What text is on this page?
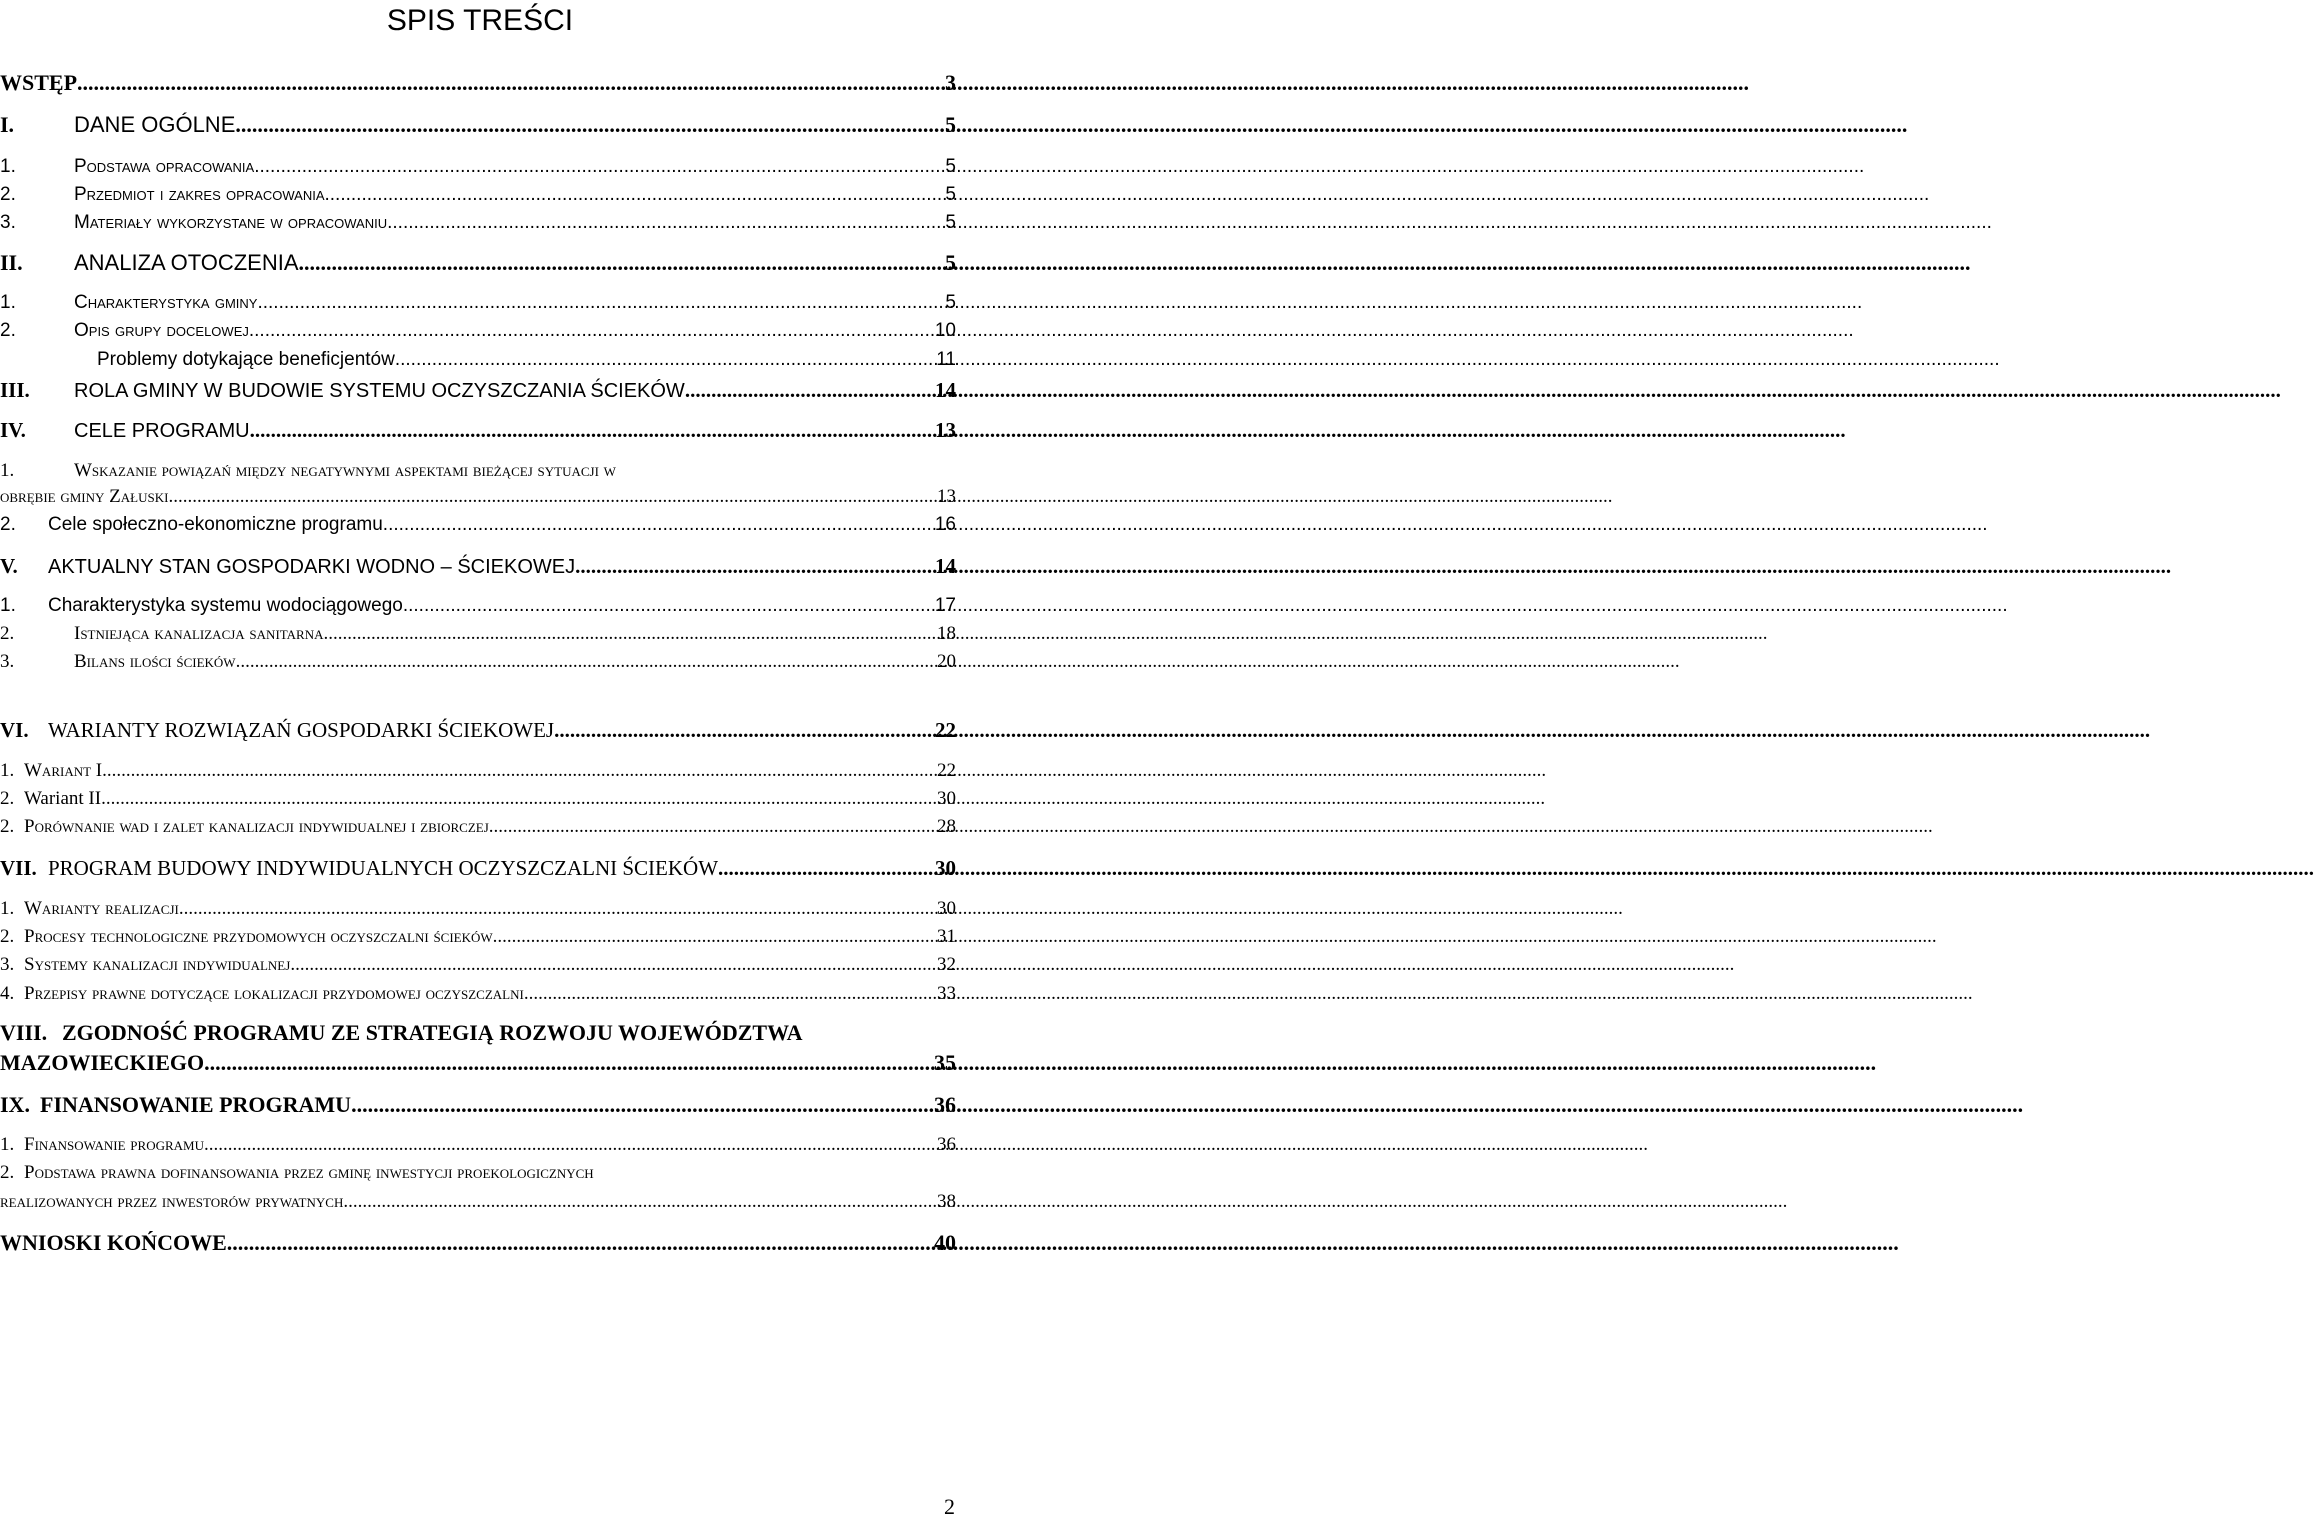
SPIS TREŚCI
WSTĘP .....	3
I.	DANE OGÓLNE .....	5
1.	Podstawa opracowania. .....	5
2.	Przedmiot i zakres opracowania .....	5
3.	Materiały wykorzystane w opracowaniu .....	5
II.	ANALIZA OTOCZENIA .....	5
1.	Charakterystyka gminy .....	5
2.	Opis grupy docelowej .....	10
Problemy dotykające beneficjentów .....	11
III.	ROLA GMINY W BUDOWIE SYSTEMU OCZYSZCZANIA ŚCIEKÓW .....	14
IV.	CELE PROGRAMU .....	13
1.	Wskazanie powiązań między negatywnymi aspektami bieżącej sytuacji w
obrębie gminy Załuski .....	13
2.	Cele społeczno-ekonomiczne programu .....	16
V.	AKTUALNY STAN GOSPODARKI WODNO – ŚCIEKOWEJ .....	14
1.	Charakterystyka systemu wodociągowego .....	17
2.	Istniejąca kanalizacja sanitarna .....	18
3.	Bilans ilości ścieków .....	20
VI. WARIANTY ROZWIĄZAŃ GOSPODARKI ŚCIEKOWEJ .....	22
1. Wariant I .....	22
2. Wariant II .....	30
2. Porównanie wad i zalet kanalizacji indywidualnej i zbiorczej .....	28
VII. PROGRAM BUDOWY INDYWIDUALNYCH OCZYSZCZALNI ŚCIEKÓW .....	30
1. Warianty realizacji .....	30
2. Procesy technologiczne przydomowych oczyszczalni ścieków .....	31
3. Systemy kanalizacji indywidualnej .....	32
4. Przepisy prawne dotyczące lokalizacji przydomowej oczyszczalni. .....	33
VIII. ZGODNOŚĆ PROGRAMU ZE STRATEGIĄ ROZWOJU WOJEWÓDZTWA
MAZOWIECKIEGO .....	35
IX. FINANSOWANIE PROGRAMU .....	36
1. Finansowanie programu .....	36
2. Podstawa prawna dofinansowania przez gminę inwestycji proekologicznych
realizowanych przez inwestorów prywatnych .....	38
WNIOSKI KOŃCOWE .....	40
2
